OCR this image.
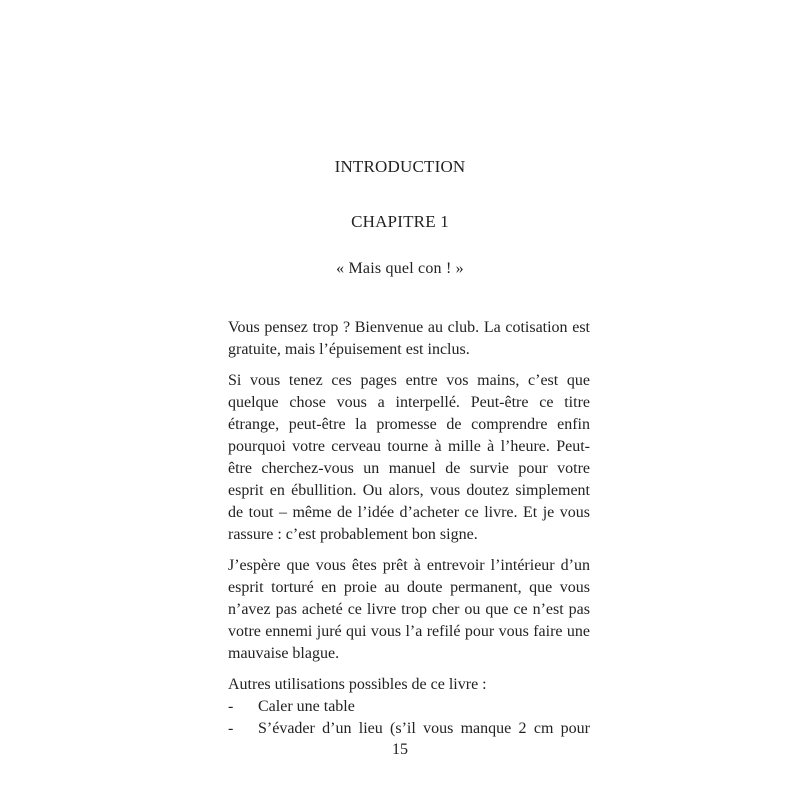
INTRODUCTION
CHAPITRE 1

« Mais quel con ! »

Vous pensez trop ? Bienvenue au club. La cotisation est gratuite, mais l’épuisement est inclus.

Si vous tenez ces pages entre vos mains, c’est que quelque chose vous a interpellé. Peut-être ce titre étrange, peut-être la promesse de comprendre enfin pourquoi votre cerveau tourne à mille à l’heure. Peut-être cherchez-vous un manuel de survie pour votre esprit en ébullition. Ou alors, vous doutez simplement de tout – même de l’idée d’acheter ce livre. Et je vous rassure : c’est probablement bon signe.

J’espère que vous êtes prêt à entrevoir l’intérieur d’un esprit torturé en proie au doute permanent, que vous n’avez pas acheté ce livre trop cher ou que ce n’est pas votre ennemi juré qui vous l’a refilé pour vous faire une mauvaise blague.

Autres utilisations possibles de ce livre :

-	Caler une table
-	S’évader d’un lieu (s’il vous manque 2 cm pour

15
